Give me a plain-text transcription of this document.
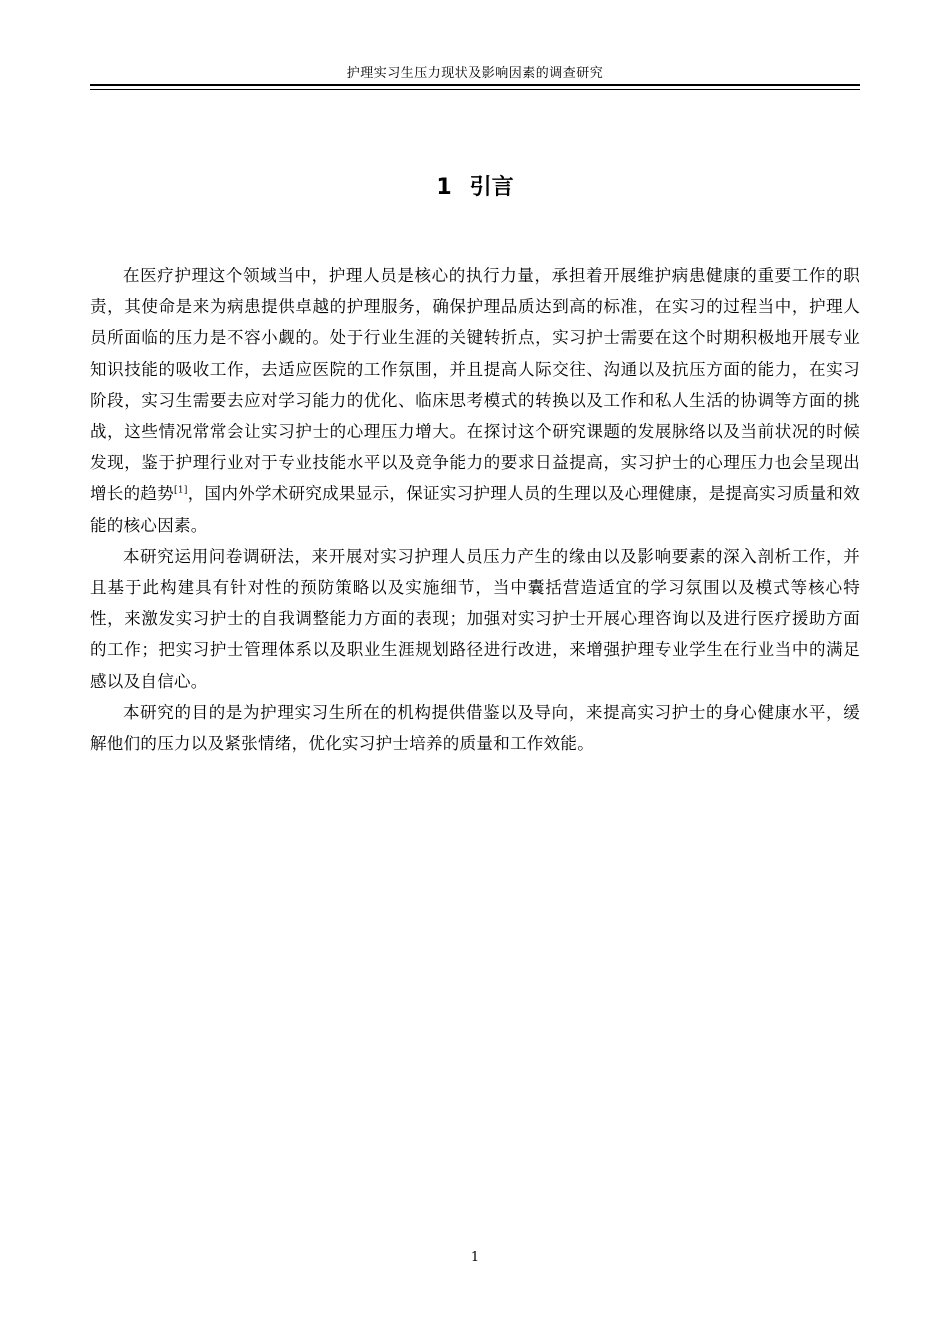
护理实习生压力现状及影响因素的调查研究
1 引言

在医疗护理这个领域当中，护理人员是核心的执行力量，承担着开展维护病患健康的重要工作的职责，其使命是来为病患提供卓越的护理服务，确保护理品质达到高的标准，在实习的过程当中，护理人员所面临的压力是不容小觑的。处于行业生涯的关键转折点，实习护士需要在这个时期积极地开展专业知识技能的吸收工作，去适应医院的工作氛围，并且提高人际交往、沟通以及抗压方面的能力，在实习阶段，实习生需要去应对学习能力的优化、临床思考模式的转换以及工作和私人生活的协调等方面的挑战，这些情况常常会让实习护士的心理压力增大。在探讨这个研究课题的发展脉络以及当前状况的时候发现，鉴于护理行业对于专业技能水平以及竞争能力的要求日益提高，实习护士的心理压力也会呈现出增长的趋势[1]，国内外学术研究成果显示，保证实习护理人员的生理以及心理健康，是提高实习质量和效能的核心因素。

本研究运用问卷调研法，来开展对实习护理人员压力产生的缘由以及影响要素的深入剖析工作，并且基于此构建具有针对性的预防策略以及实施细节，当中囊括营造适宜的学习氛围以及模式等核心特性，来激发实习护士的自我调整能力方面的表现；加强对实习护士开展心理咨询以及进行医疗援助方面的工作；把实习护士管理体系以及职业生涯规划路径进行改进，来增强护理专业学生在行业当中的满足感以及自信心。

本研究的目的是为护理实习生所在的机构提供借鉴以及导向，来提高实习护士的身心健康水平，缓解他们的压力以及紧张情绪，优化实习护士培养的质量和工作效能。

1
